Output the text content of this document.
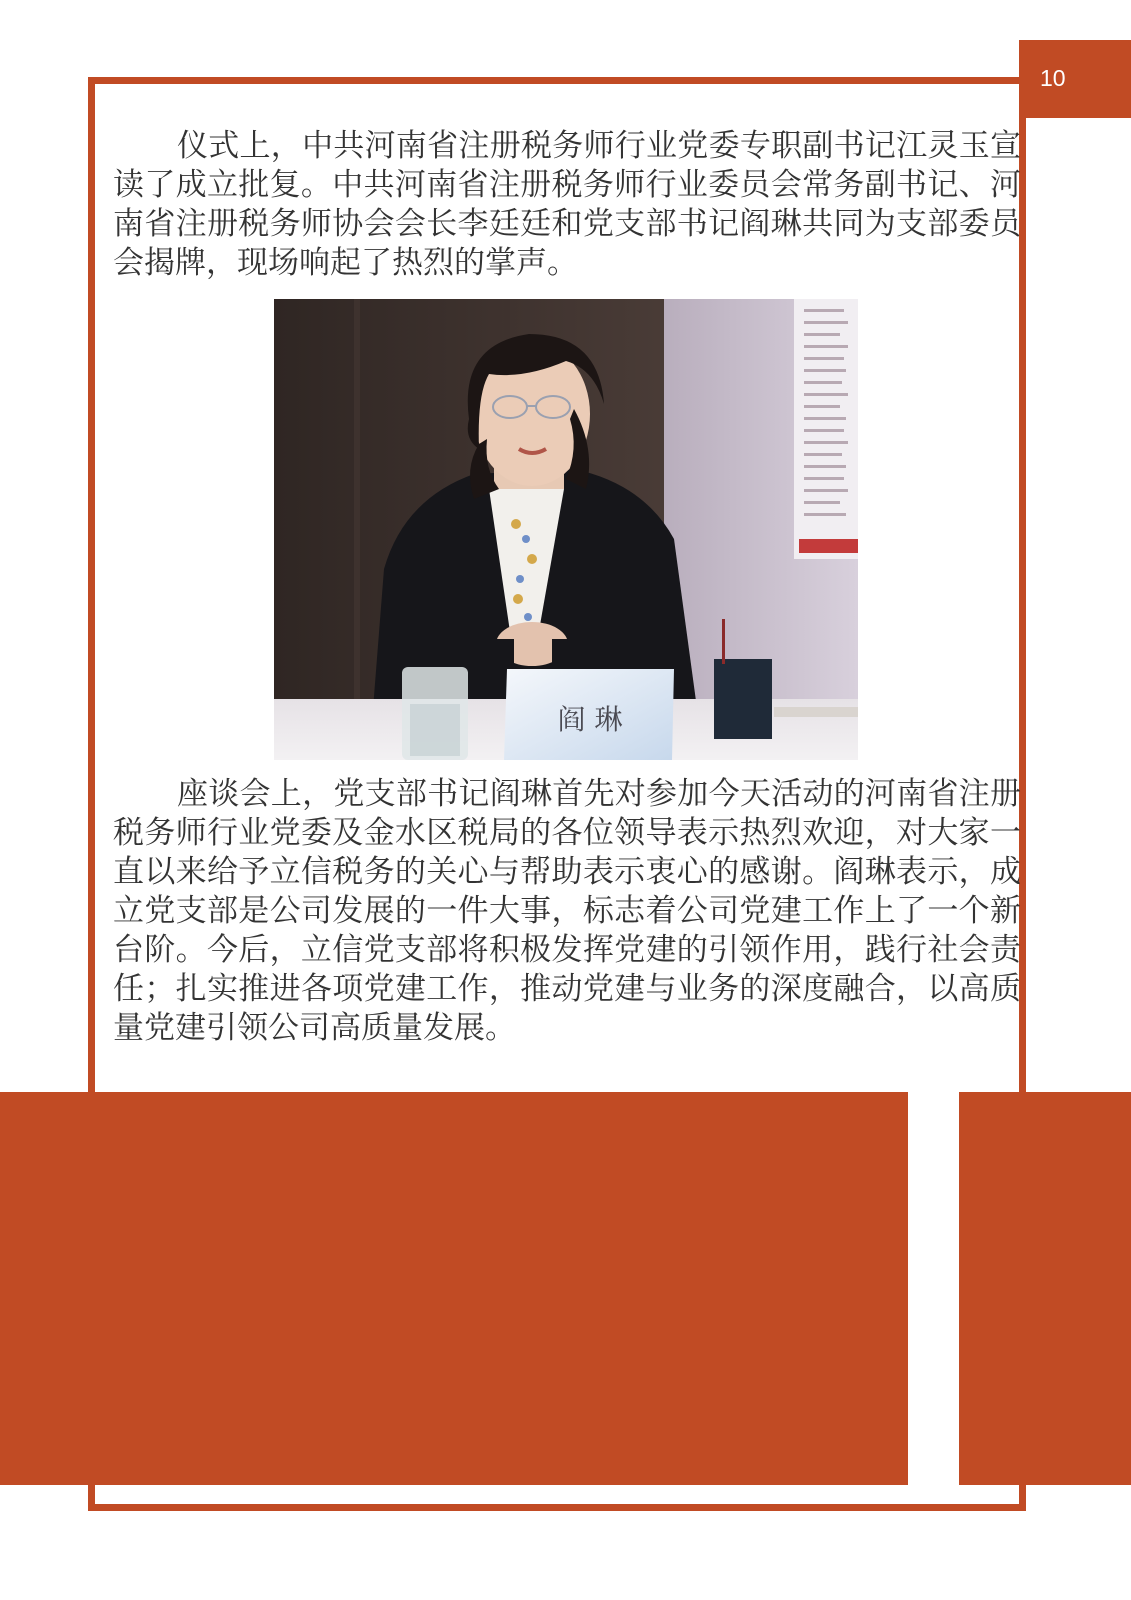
10

仪式上，中共河南省注册税务师行业党委专职副书记江灵玉宣读了成立批复。中共河南省注册税务师行业委员会常务副书记、河南省注册税务师协会会长李廷廷和党支部书记阎琳共同为支部委员会揭牌，现场响起了热烈的掌声。

阎 琳

座谈会上，党支部书记阎琳首先对参加今天活动的河南省注册税务师行业党委及金水区税局的各位领导表示热烈欢迎，对大家一直以来给予立信税务的关心与帮助表示衷心的感谢。阎琳表示，成立党支部是公司发展的一件大事，标志着公司党建工作上了一个新台阶。今后，立信党支部将积极发挥党建的引领作用，践行社会责任；扎实推进各项党建工作，推动党建与业务的深度融合，以高质量党建引领公司高质量发展。
